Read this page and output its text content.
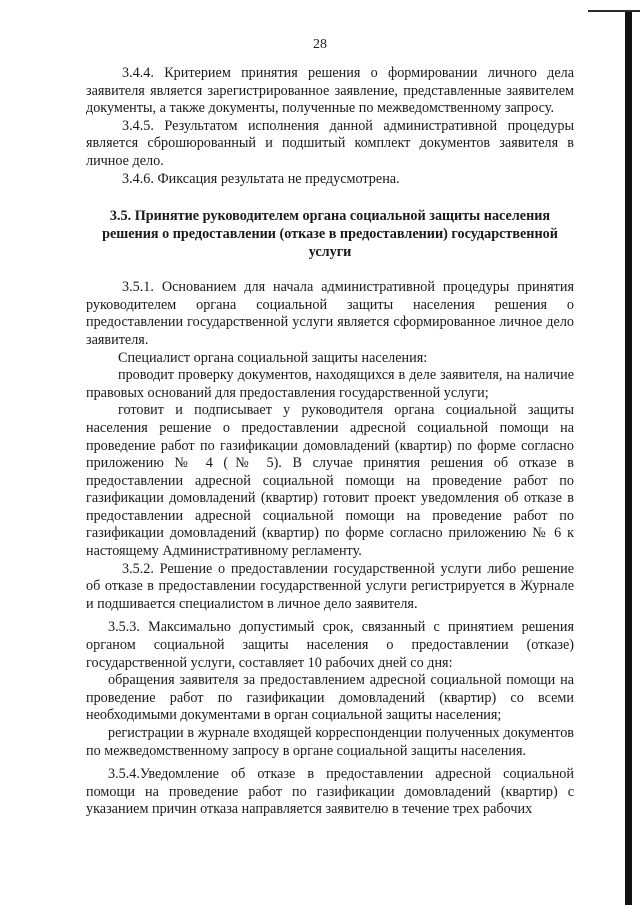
28

3.4.4. Критерием принятия решения о формировании личного дела заявителя является зарегистрированное заявление, представленные заявителем документы, а также документы, полученные по межведомственному запросу.

3.4.5. Результатом исполнения данной административной процедуры является сброшюрованный и подшитый комплект документов заявителя в личное дело.

3.4.6. Фиксация результата не предусмотрена.

3.5. Принятие руководителем органа социальной защиты населения решения о предоставлении (отказе в предоставлении) государственной услуги

3.5.1. Основанием для начала административной процедуры принятия руководителем органа социальной защиты населения решения о предоставлении государственной услуги является сформированное личное дело заявителя.

Специалист органа социальной защиты населения:

проводит проверку документов, находящихся в деле заявителя, на наличие правовых оснований для предоставления государственной услуги;

готовит и подписывает у руководителя органа социальной защиты населения решение о предоставлении адресной социальной помощи на проведение работ по газификации домовладений (квартир) по форме согласно приложению № 4 (№ 5). В случае принятия решения об отказе в предоставлении адресной социальной помощи на проведение работ по газификации домовладений (квартир) готовит проект уведомления об отказе в предоставлении адресной социальной помощи на проведение работ по газификации домовладений (квартир) по форме согласно приложению № 6 к настоящему Административному регламенту.

3.5.2. Решение о предоставлении государственной услуги либо решение об отказе в предоставлении государственной услуги регистрируется в Журнале и подшивается специалистом в личное дело заявителя.

3.5.3. Максимально допустимый срок, связанный с принятием решения органом социальной защиты населения о предоставлении (отказе) государственной услуги, составляет 10 рабочих дней со дня:

обращения заявителя за предоставлением адресной социальной помощи на проведение работ по газификации домовладений (квартир) со всеми необходимыми документами в орган социальной защиты населения;

регистрации в журнале входящей корреспонденции полученных документов по межведомственному запросу в органе социальной защиты населения.

3.5.4.Уведомление об отказе в предоставлении адресной социальной помощи на проведение работ по газификации домовладений (квартир) с указанием причин отказа направляется заявителю в течение трех рабочих
